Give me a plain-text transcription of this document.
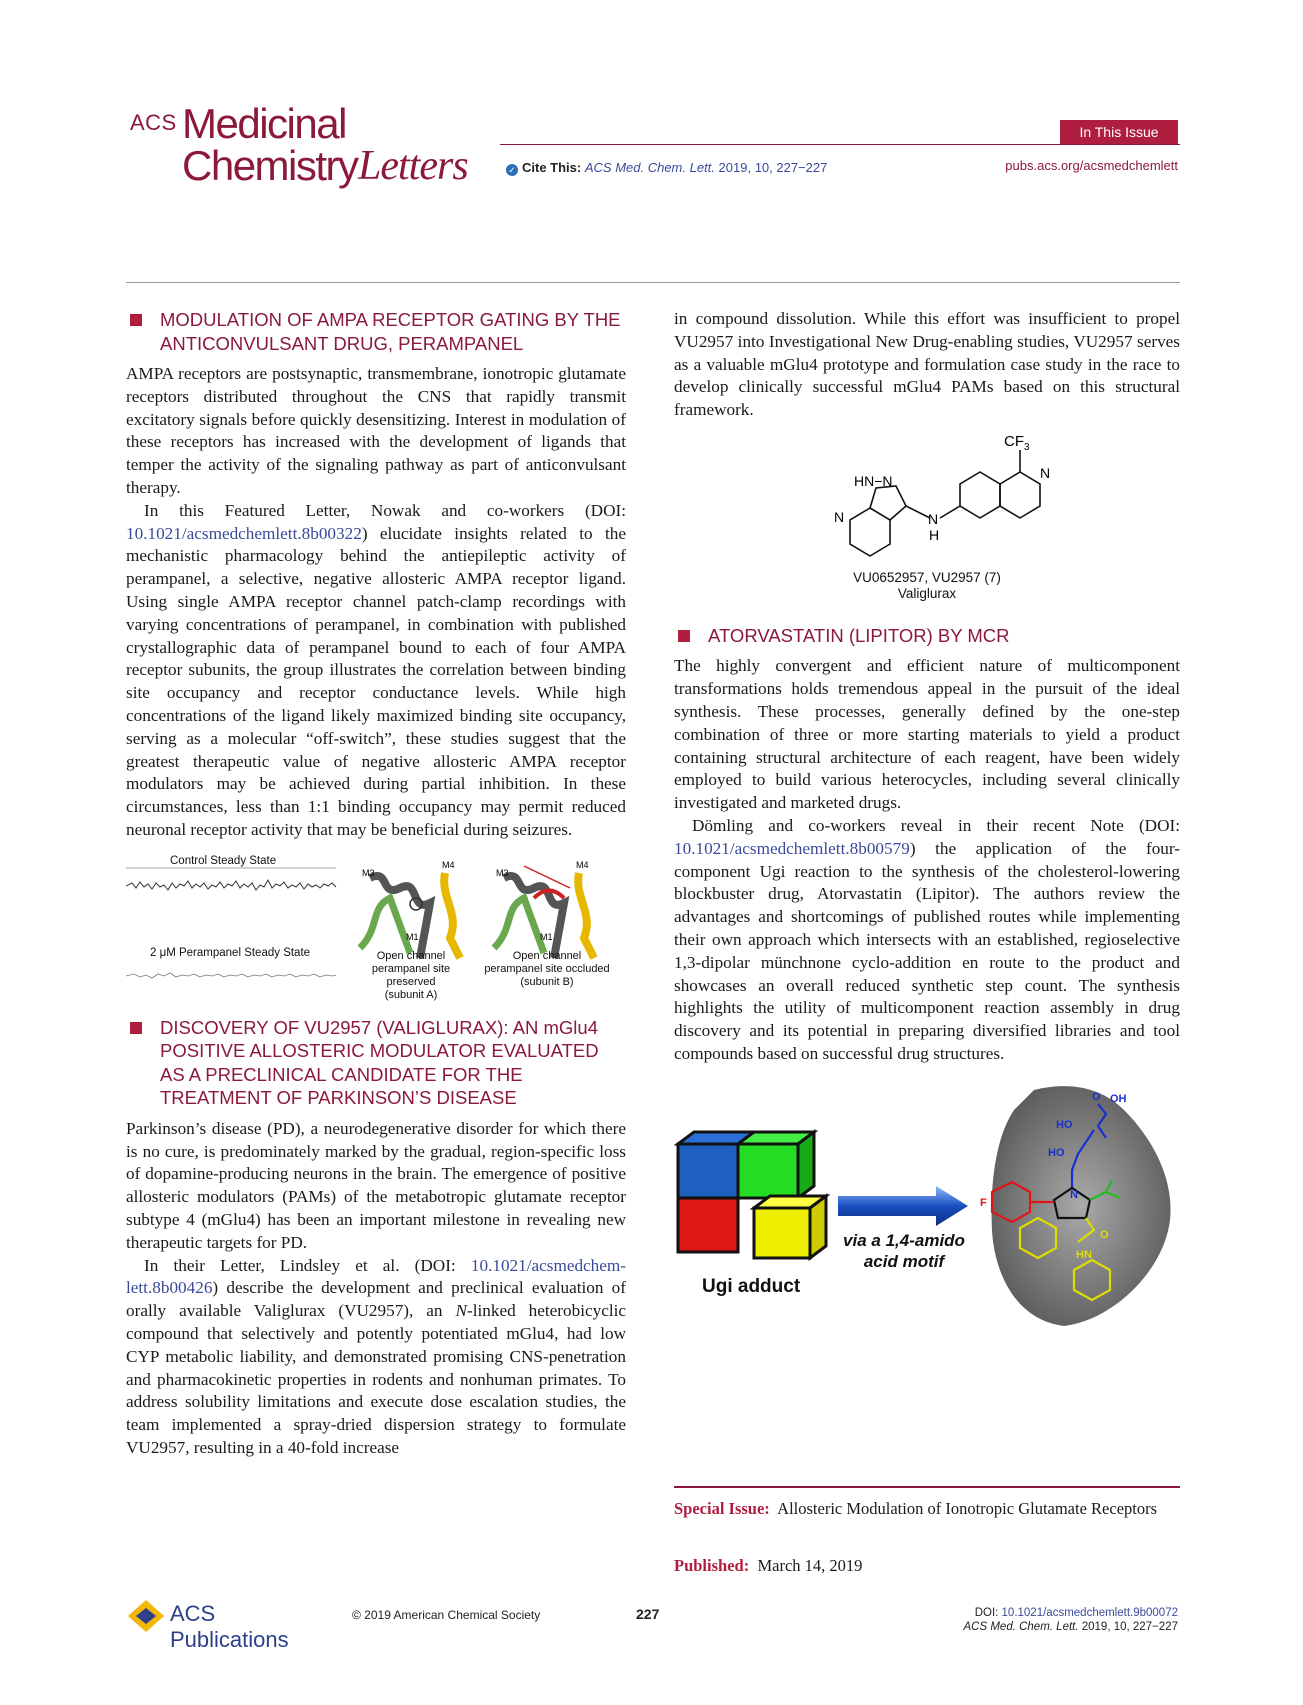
ACS Medicinal
Chemistry Letters
In This Issue
✓ Cite This: ACS Med. Chem. Lett. 2019, 10, 227−227	pubs.acs.org/acsmedchemlett
MODULATION OF AMPA RECEPTOR GATING BY THE ANTICONVULSANT DRUG, PERAMPANEL

AMPA receptors are postsynaptic, transmembrane, ionotropic glutamate receptors distributed throughout the CNS that rapidly transmit excitatory signals before quickly desensitizing. Interest in modulation of these receptors has increased with the development of ligands that temper the activity of the signaling pathway as part of anticonvulsant therapy.

In this Featured Letter, Nowak and co-workers (DOI: 10.1021/acsmedchemlett.8b00322) elucidate insights related to the mechanistic pharmacology behind the antiepileptic activity of perampanel, a selective, negative allosteric AMPA receptor ligand. Using single AMPA receptor channel patch-clamp recordings with varying concentrations of perampanel, in combination with published crystallographic data of perampanel bound to each of four AMPA receptor subunits, the group illustrates the correlation between binding site occupancy and receptor conductance levels. While high concentrations of the ligand likely maximized binding site occupancy, serving as a molecular “off-switch”, these studies suggest that the greatest therapeutic value of negative allosteric AMPA receptor modulators may be achieved during partial inhibition. In these circumstances, less than 1:1 binding occupancy may permit reduced neuronal receptor activity that may be beneficial during seizures.

Control Steady State
2 μM Perampanel Steady State
M3
M4
M1
M3
M4
M1
Open channel
perampanel site preserved
(subunit A)
Open channel
perampanel site occluded
(subunit B)
DISCOVERY OF VU2957 (VALIGLURAX): AN mGlu4 POSITIVE ALLOSTERIC MODULATOR EVALUATED AS A PRECLINICAL CANDIDATE FOR THE TREATMENT OF PARKINSON’S DISEASE

Parkinson’s disease (PD), a neurodegenerative disorder for which there is no cure, is predominately marked by the gradual, region-specific loss of dopamine-producing neurons in the brain. The emergence of positive allosteric modulators (PAMs) of the metabotropic glutamate receptor subtype 4 (mGlu4) has been an important milestone in revealing new therapeutic targets for PD.

In their Letter, Lindsley et al. (DOI: 10.1021/acsmedchem-lett.8b00426) describe the development and preclinical evaluation of orally available Valiglurax (VU2957), an N-linked heterobicyclic compound that selectively and potently potentiated mGlu4, had low CYP metabolic liability, and demonstrated promising CNS-penetration and pharmacokinetic properties in rodents and nonhuman primates. To address solubility limitations and execute dose escalation studies, the team implemented a spray-dried dispersion strategy to formulate VU2957, resulting in a 40-fold increase

in compound dissolution. While this effort was insufficient to propel VU2957 into Investigational New Drug-enabling studies, VU2957 serves as a valuable mGlu4 prototype and formulation case study in the race to develop clinically successful mGlu4 PAMs based on this structural framework.

$CF_3$
HN−N
N
H
N
N
VU0652957, VU2957 (7)
Valiglurax
ATORVASTATIN (LIPITOR) BY MCR

The highly convergent and efficient nature of multicomponent transformations holds tremendous appeal in the pursuit of the ideal synthesis. These processes, generally defined by the one-step combination of three or more starting materials to yield a product containing structural architecture of each reagent, have been widely employed to build various heterocycles, including several clinically investigated and marketed drugs.

Dömling and co-workers reveal in their recent Note (DOI: 10.1021/acsmedchemlett.8b00579) the application of the four-component Ugi reaction to the synthesis of the cholesterol-lowering blockbuster drug, Atorvastatin (Lipitor). The authors review the advantages and shortcomings of published routes while implementing their own approach which intersects with an established, regioselective 1,3-dipolar münchnone cyclo-addition en route to the product and showcases an overall reduced synthetic step count. The synthesis highlights the utility of multicomponent reaction assembly in drug discovery and its potential in preparing diversified libraries and tool compounds based on successful drug structures.

OH
O
HO
HO
N
F
O
HN
Ugi adduct
via a 1,4-amido
acid motif
Special Issue: Allosteric Modulation of Ionotropic Glutamate Receptors
Published: March 14, 2019
ACS Publications
© 2019 American Chemical Society	227	DOI: 10.1021/acsmedchemlett.9b00072
ACS Med. Chem. Lett. 2019, 10, 227−227
